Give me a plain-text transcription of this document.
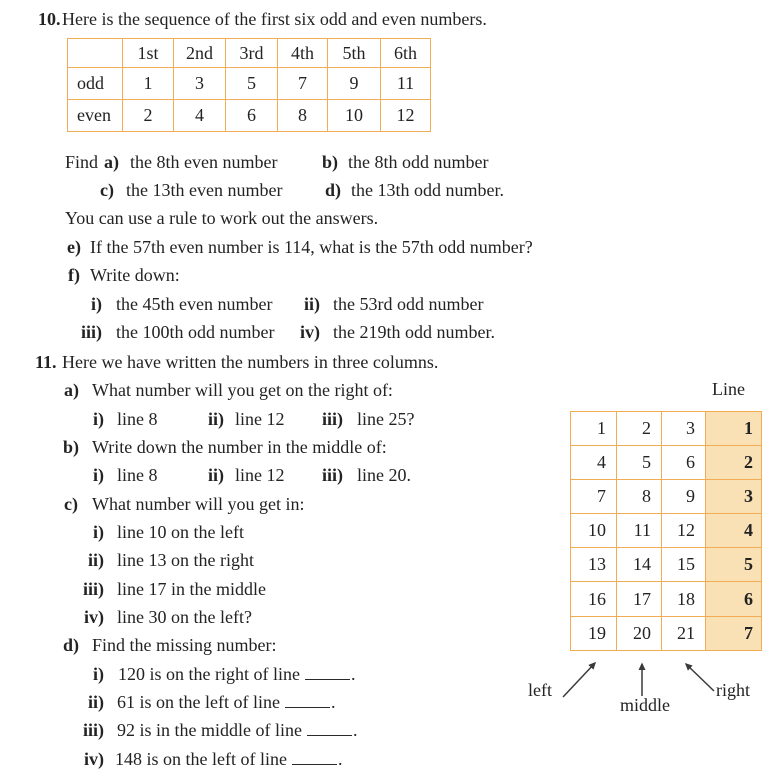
10. Here is the sequence of the first six odd and even numbers.
	1st	2nd	3rd	4th	5th	6th
odd	1	3	5	7	9	11
even	2	4	6	8	10	12
Find a) the 8th even number b) the 8th odd number
c) the 13th even number d) the 13th odd number.
You can use a rule to work out the answers.
e) If the 57th even number is 114, what is the 57th odd number?
f) Write down:
i) the 45th even number	ii) the 53rd odd number
iii) the 100th odd number	iv) the 219th odd number.
11. Here we have written the numbers in three columns.
a) What number will you get on the right of:
i) line 8	ii) line 12	iii) line 25?
b) Write down the number in the middle of:
i) line 8	ii) line 12	iii) line 20.
c) What number will you get in:
i) line 10 on the left
ii) line 13 on the right
iii) line 17 in the middle
iv) line 30 on the left?
d) Find the missing number:
i) 120 is on the right of line	.
ii) 61 is on the left of line	.
iii) 92 is in the middle of line	.
iv) 148 is on the left of line	.
Line
1	2	3	1
4	5	6	2
7	8	9	3
10	11	12	4
13	14	15	5
16	17	18	6
19	20	21	7
left
middle
right
